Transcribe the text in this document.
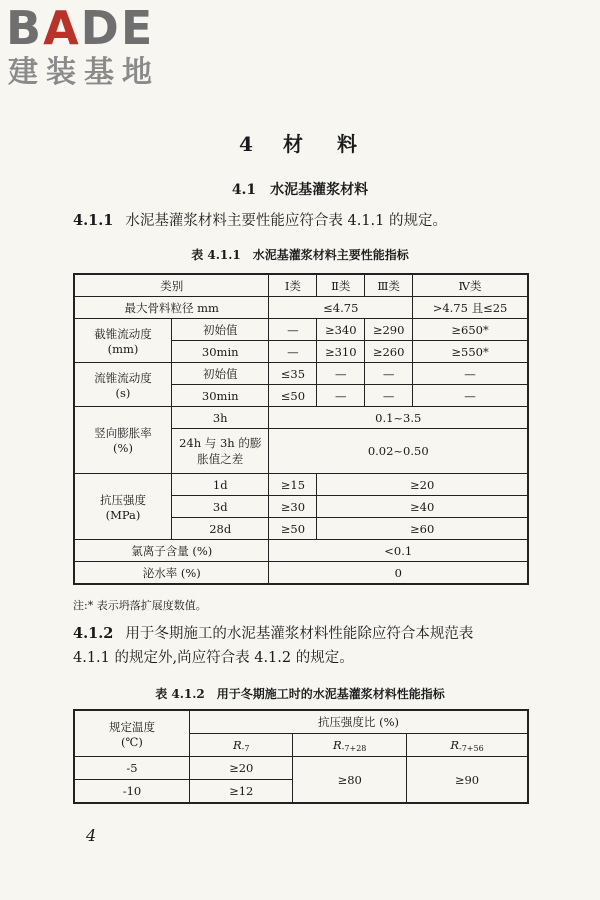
BADE
建装基地
4 材 料
4.1 水泥基灌浆材料
4.1.1 水泥基灌浆材料主要性能应符合表 4.1.1 的规定。
表 4.1.1 水泥基灌浆材料主要性能指标
类别		Ⅰ类	Ⅱ类	Ⅲ类	Ⅳ类
最大骨料粒径 mm		≤4.75			>4.75 且≤25
截锥流动度
(mm)	初始值	—	≥340	≥290	≥650*
	30min	—	≥310	≥260	≥550*
流锥流动度
(s)	初始值	≤35	—	—	—
	30min	≤50	—	—	—
竖向膨胀率
(%)	3h	0.1~3.5			
	24h 与 3h 的膨胀值之差	0.02~0.50			
抗压强度
(MPa)	1d	≥15	≥20		
	3d	≥30	≥40		
	28d	≥50	≥60		
氯离子含量 (%)		<0.1			
泌水率 (%)		0			
注:* 表示坍落扩展度数值。
4.1.2 用于冬期施工的水泥基灌浆材料性能除应符合本规范表
4.1.1 的规定外,尚应符合表 4.1.2 的规定。
表 4.1.2 用于冬期施工时的水泥基灌浆材料性能指标
规定温度
(℃)	抗压强度比 (%)		
	$R_{-7}$	$R_{-7+28}$	$R_{-7+56}$
-5	≥20	≥80	≥90
-10	≥12		
4
